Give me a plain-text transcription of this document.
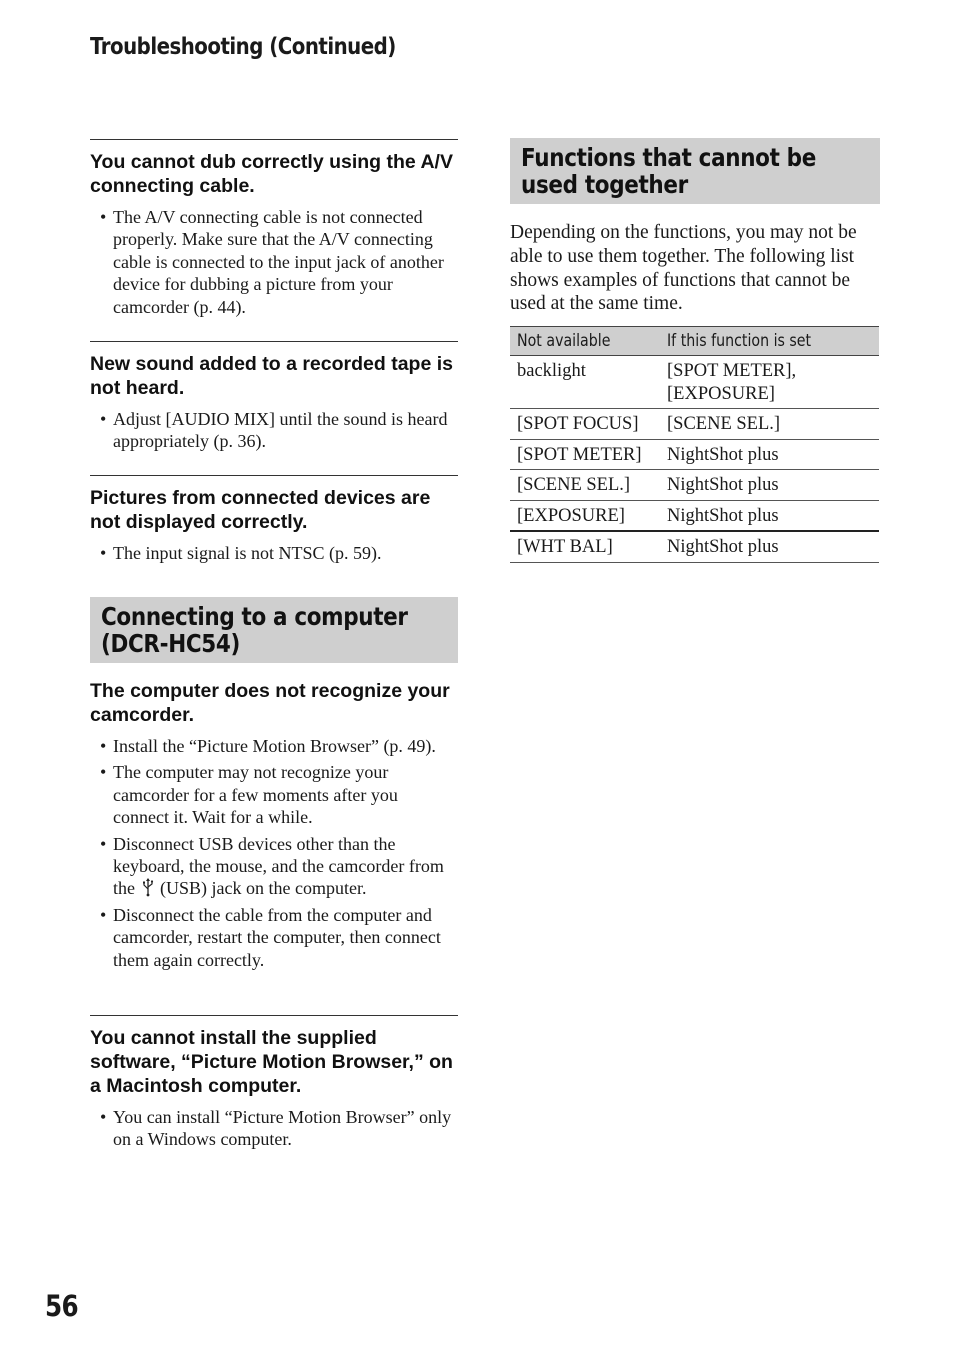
Troubleshooting (Continued)
You cannot dub correctly using the A/V connecting cable.
• The A/V connecting cable is not connected properly. Make sure that the A/V connecting cable is connected to the input jack of another device for dubbing a picture from your camcorder (p. 44).
New sound added to a recorded tape is not heard.
• Adjust [AUDIO MIX] until the sound is heard appropriately (p. 36).
Pictures from connected devices are not displayed correctly.
• The input signal is not NTSC (p. 59).
Connecting to a computer (DCR-HC54)
The computer does not recognize your camcorder.
• Install the “Picture Motion Browser” (p. 49).
• The computer may not recognize your camcorder for a few moments after you connect it. Wait for a while.
• Disconnect USB devices other than the keyboard, the mouse, and the camcorder from the (USB) jack on the computer.
• Disconnect the cable from the computer and camcorder, restart the computer, then connect them again correctly.
You cannot install the supplied software, “Picture Motion Browser,” on a Macintosh computer.
• You can install “Picture Motion Browser” only on a Windows computer.
Functions that cannot be used together

Depending on the functions, you may not be able to use them together. The following list shows examples of functions that cannot be used at the same time.

Not available	If this function is set
backlight	[SPOT METER], [EXPOSURE]
[SPOT FOCUS]	[SCENE SEL.]
[SPOT METER]	NightShot plus
[SCENE SEL.]	NightShot plus
[EXPOSURE]	NightShot plus
[WHT BAL]	NightShot plus
56
